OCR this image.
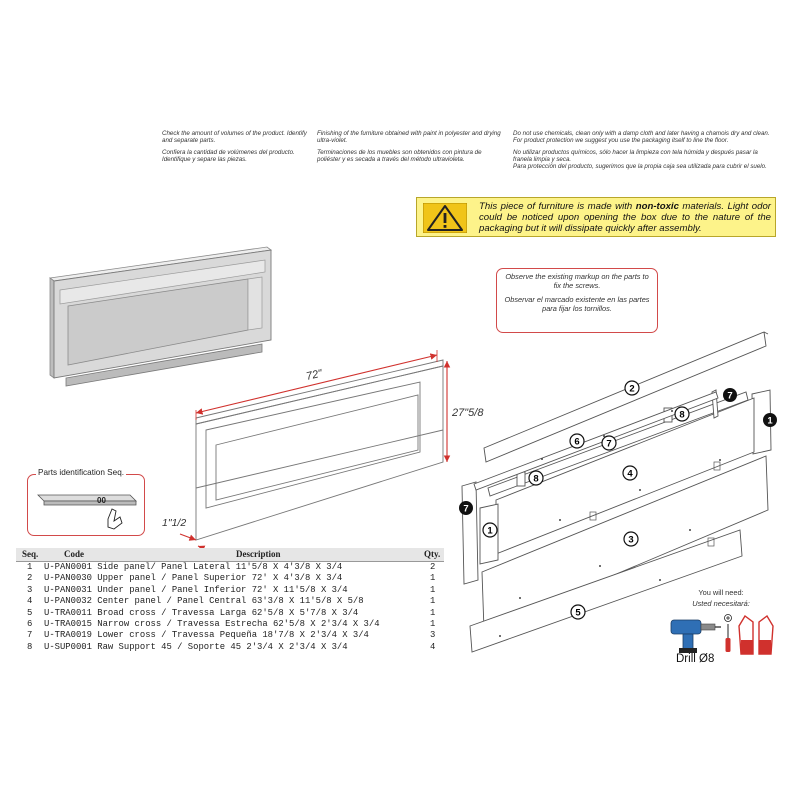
Check the amount of volumes of the product. Identify and separate parts.

Confiera la cantidad de volúmenes del producto. Identifique y separe las piezas.

Finishing of the furniture obtained with paint in polyester and drying ultra-violet.

Terminaciones de los muebles son obtenidos con pintura de poliéster y es secada a través del método ultravioleta.

Do not use chemicals, clean only with a damp cloth and later having a chamois dry and clean.

For product protection we suggest you use the packaging itself to line the floor.

No utilizar productos químicos, sólo hacer la limpieza con tela húmida y después pasar la franela limpia y seca.

Para protección del producto, sugerimos que la propia caja sea utilizada para cubrir el suelo.

This piece of furniture is made with non-toxic materials. Light odor could be noticed upon opening the box due to the nature of the packaging but it will dissipate quickly after assembly.

Observe the existing markup on the parts to fix the screws.

Observar el marcado existente en las partes para fijar los tornillos.

72"
27"5/8
1"1/2
2
7
1
8
6	7
4
8
7
1
3
5
Parts identification Seq.
00
Seq.	Code	Description	Qty.
1 U-PAN0001 Side panel/ Panel Lateral 11'5/8 X 4'3/8 X 3/4	2
2 U-PAN0030 Upper panel / Panel Superior 72' X 4'3/8 X 3/4	1
3 U-PAN0031 Under panel / Panel Inferior 72' X 11'5/8 X 3/4	1
4 U-PAN0032 Center panel / Panel Central 63'3/8 X 11'5/8 X 5/8	1
5 U-TRA0011 Broad cross / Travessa Larga 62'5/8 X 5'7/8 X 3/4	1
6 U-TRA0015 Narrow cross / Travessa Estrecha 62'5/8 X 2'3/4 X 3/4	1
7 U-TRA0019 Lower cross / Travessa Pequeña 18'7/8 X 2'3/4 X 3/4	3
8 U-SUP0001 Raw Support 45 / Soporte 45 2'3/4 X 2'3/4 X 3/4	4
You will need:
Usted necesitará:
Drill Ø8
